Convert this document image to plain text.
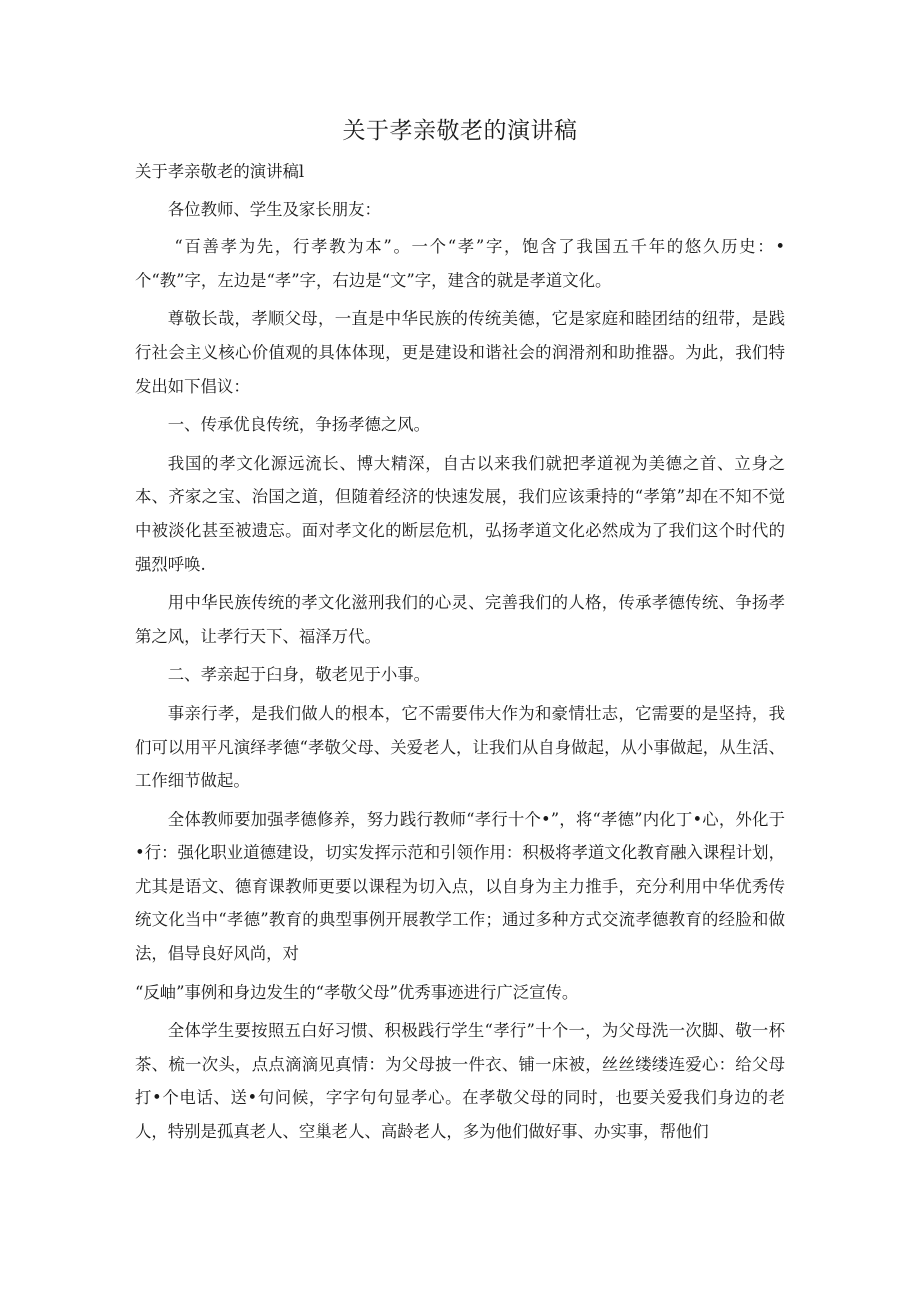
关于孝亲敬老的演讲稿

关于孝亲敬老的演讲稿l

各位教师、学生及家长朋友：

“百善孝为先，行孝教为本”。一个“孝”字，饱含了我国五千年的悠久历史：•个“教”字，左边是“孝”字，右边是“文”字，建含的就是孝道文化。

尊敬长哉，孝顺父母，一直是中华民族的传统美德，它是家庭和睦团结的纽带，是践行社会主义核心价值观的具体体现，更是建设和谐社会的润滑剂和助推器。为此，我们特发出如下倡议：

一、传承优良传统，争扬孝德之风。

我国的孝文化源远流长、博大精深，自古以来我们就把孝道视为美德之首、立身之本、齐家之宝、治国之道，但随着经济的快速发展，我们应该秉持的“孝第”却在不知不觉中被淡化甚至被遗忘。面对孝文化的断层危机，弘扬孝道文化必然成为了我们这个时代的强烈呼唤.

用中华民族传统的孝文化滋刑我们的心灵、完善我们的人格，传承孝德传统、争扬孝第之风，让孝行天下、福泽万代。

二、孝亲起于臼身，敬老见于小事。

事亲行孝，是我们做人的根本，它不需要伟大作为和豪情壮志，它需要的是坚持，我们可以用平凡演绎孝德“孝敬父母、关爱老人，让我们从自身做起，从小事做起，从生活、工作细节做起。

全体教师要加强孝德修养，努力践行教师“孝行十个•”，将“孝德”内化丁•心，外化于•行：强化职业道德建设，切实发挥示范和引领作用：积极将孝道文化教育融入课程计划，尤其是语文、德育课教师更要以课程为切入点，以自身为主力推手，充分利用中华优秀传统文化当中“孝德”教育的典型事例开展教学工作；通过多种方式交流孝德教育的经脸和做法，倡导良好风尚，对

“反岫”事例和身边发生的“孝敬父母”优秀事迹进行广泛宣传。

全体学生要按照五白好习惯、积极践行学生“孝行”十个一，为父母洗一次脚、敬一杯茶、梳一次头，点点滴滴见真情：为父母披一件衣、铺一床被，丝丝缕缕连爱心：给父母打•个电话、送•句问候，字字句句显孝心。在孝敬父母的同时，也要关爱我们身边的老人，特别是孤真老人、空巢老人、高龄老人，多为他们做好事、办实事，帮他们
